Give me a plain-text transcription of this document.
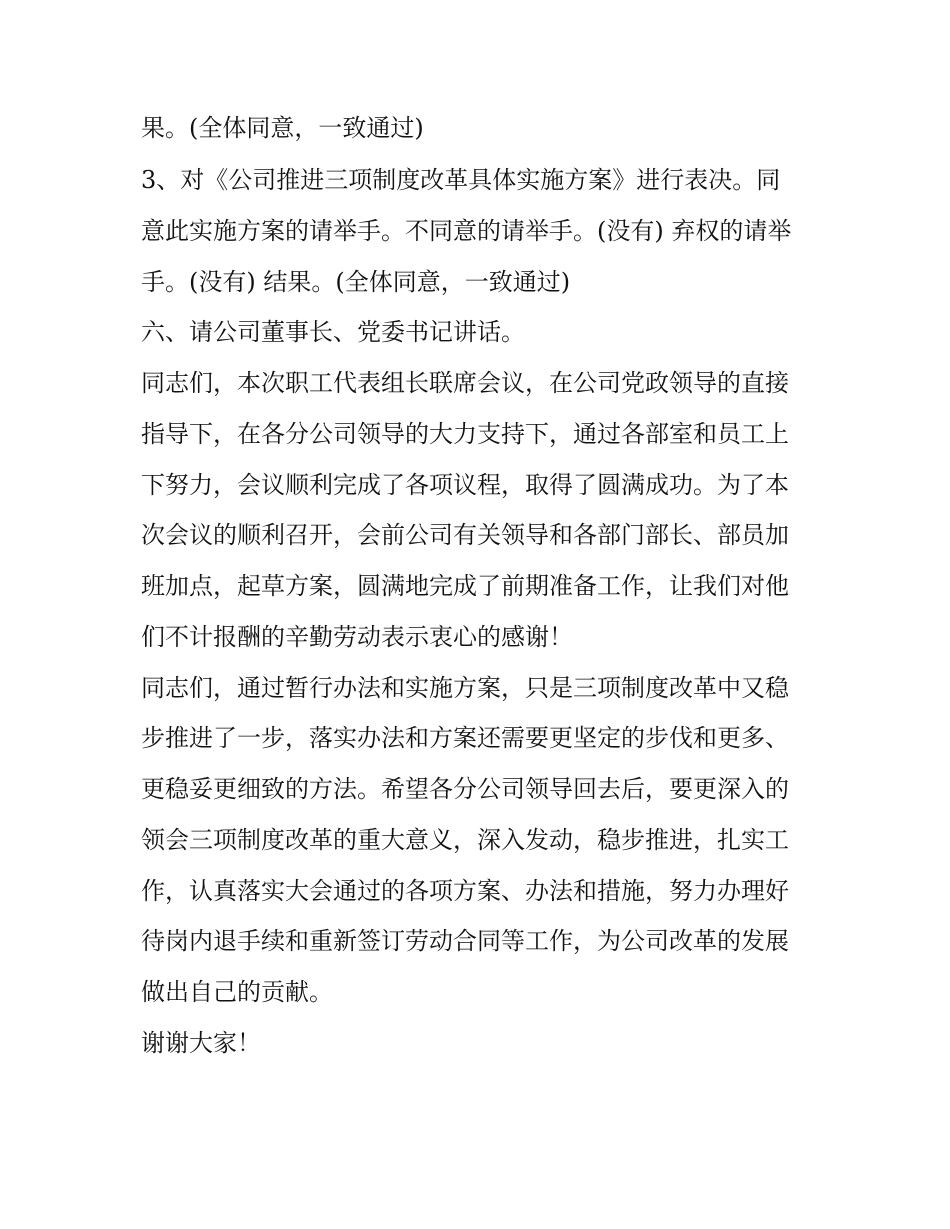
果。(全体同意，一致通过)

3、对《公司推进三项制度改革具体实施方案》进行表决。同

意此实施方案的请举手。不同意的请举手。(没有) 弃权的请举

手。(没有) 结果。(全体同意，一致通过)

六、请公司董事长、党委书记讲话。

同志们，本次职工代表组长联席会议，在公司党政领导的直接

指导下，在各分公司领导的大力支持下，通过各部室和员工上

下努力，会议顺利完成了各项议程，取得了圆满成功。为了本

次会议的顺利召开，会前公司有关领导和各部门部长、部员加

班加点，起草方案，圆满地完成了前期准备工作，让我们对他

们不计报酬的辛勤劳动表示衷心的感谢！

同志们，通过暂行办法和实施方案，只是三项制度改革中又稳

步推进了一步，落实办法和方案还需要更坚定的步伐和更多、

更稳妥更细致的方法。希望各分公司领导回去后，要更深入的

领会三项制度改革的重大意义，深入发动，稳步推进，扎实工

作，认真落实大会通过的各项方案、办法和措施，努力办理好

待岗内退手续和重新签订劳动合同等工作，为公司改革的发展

做出自己的贡献。

谢谢大家！
